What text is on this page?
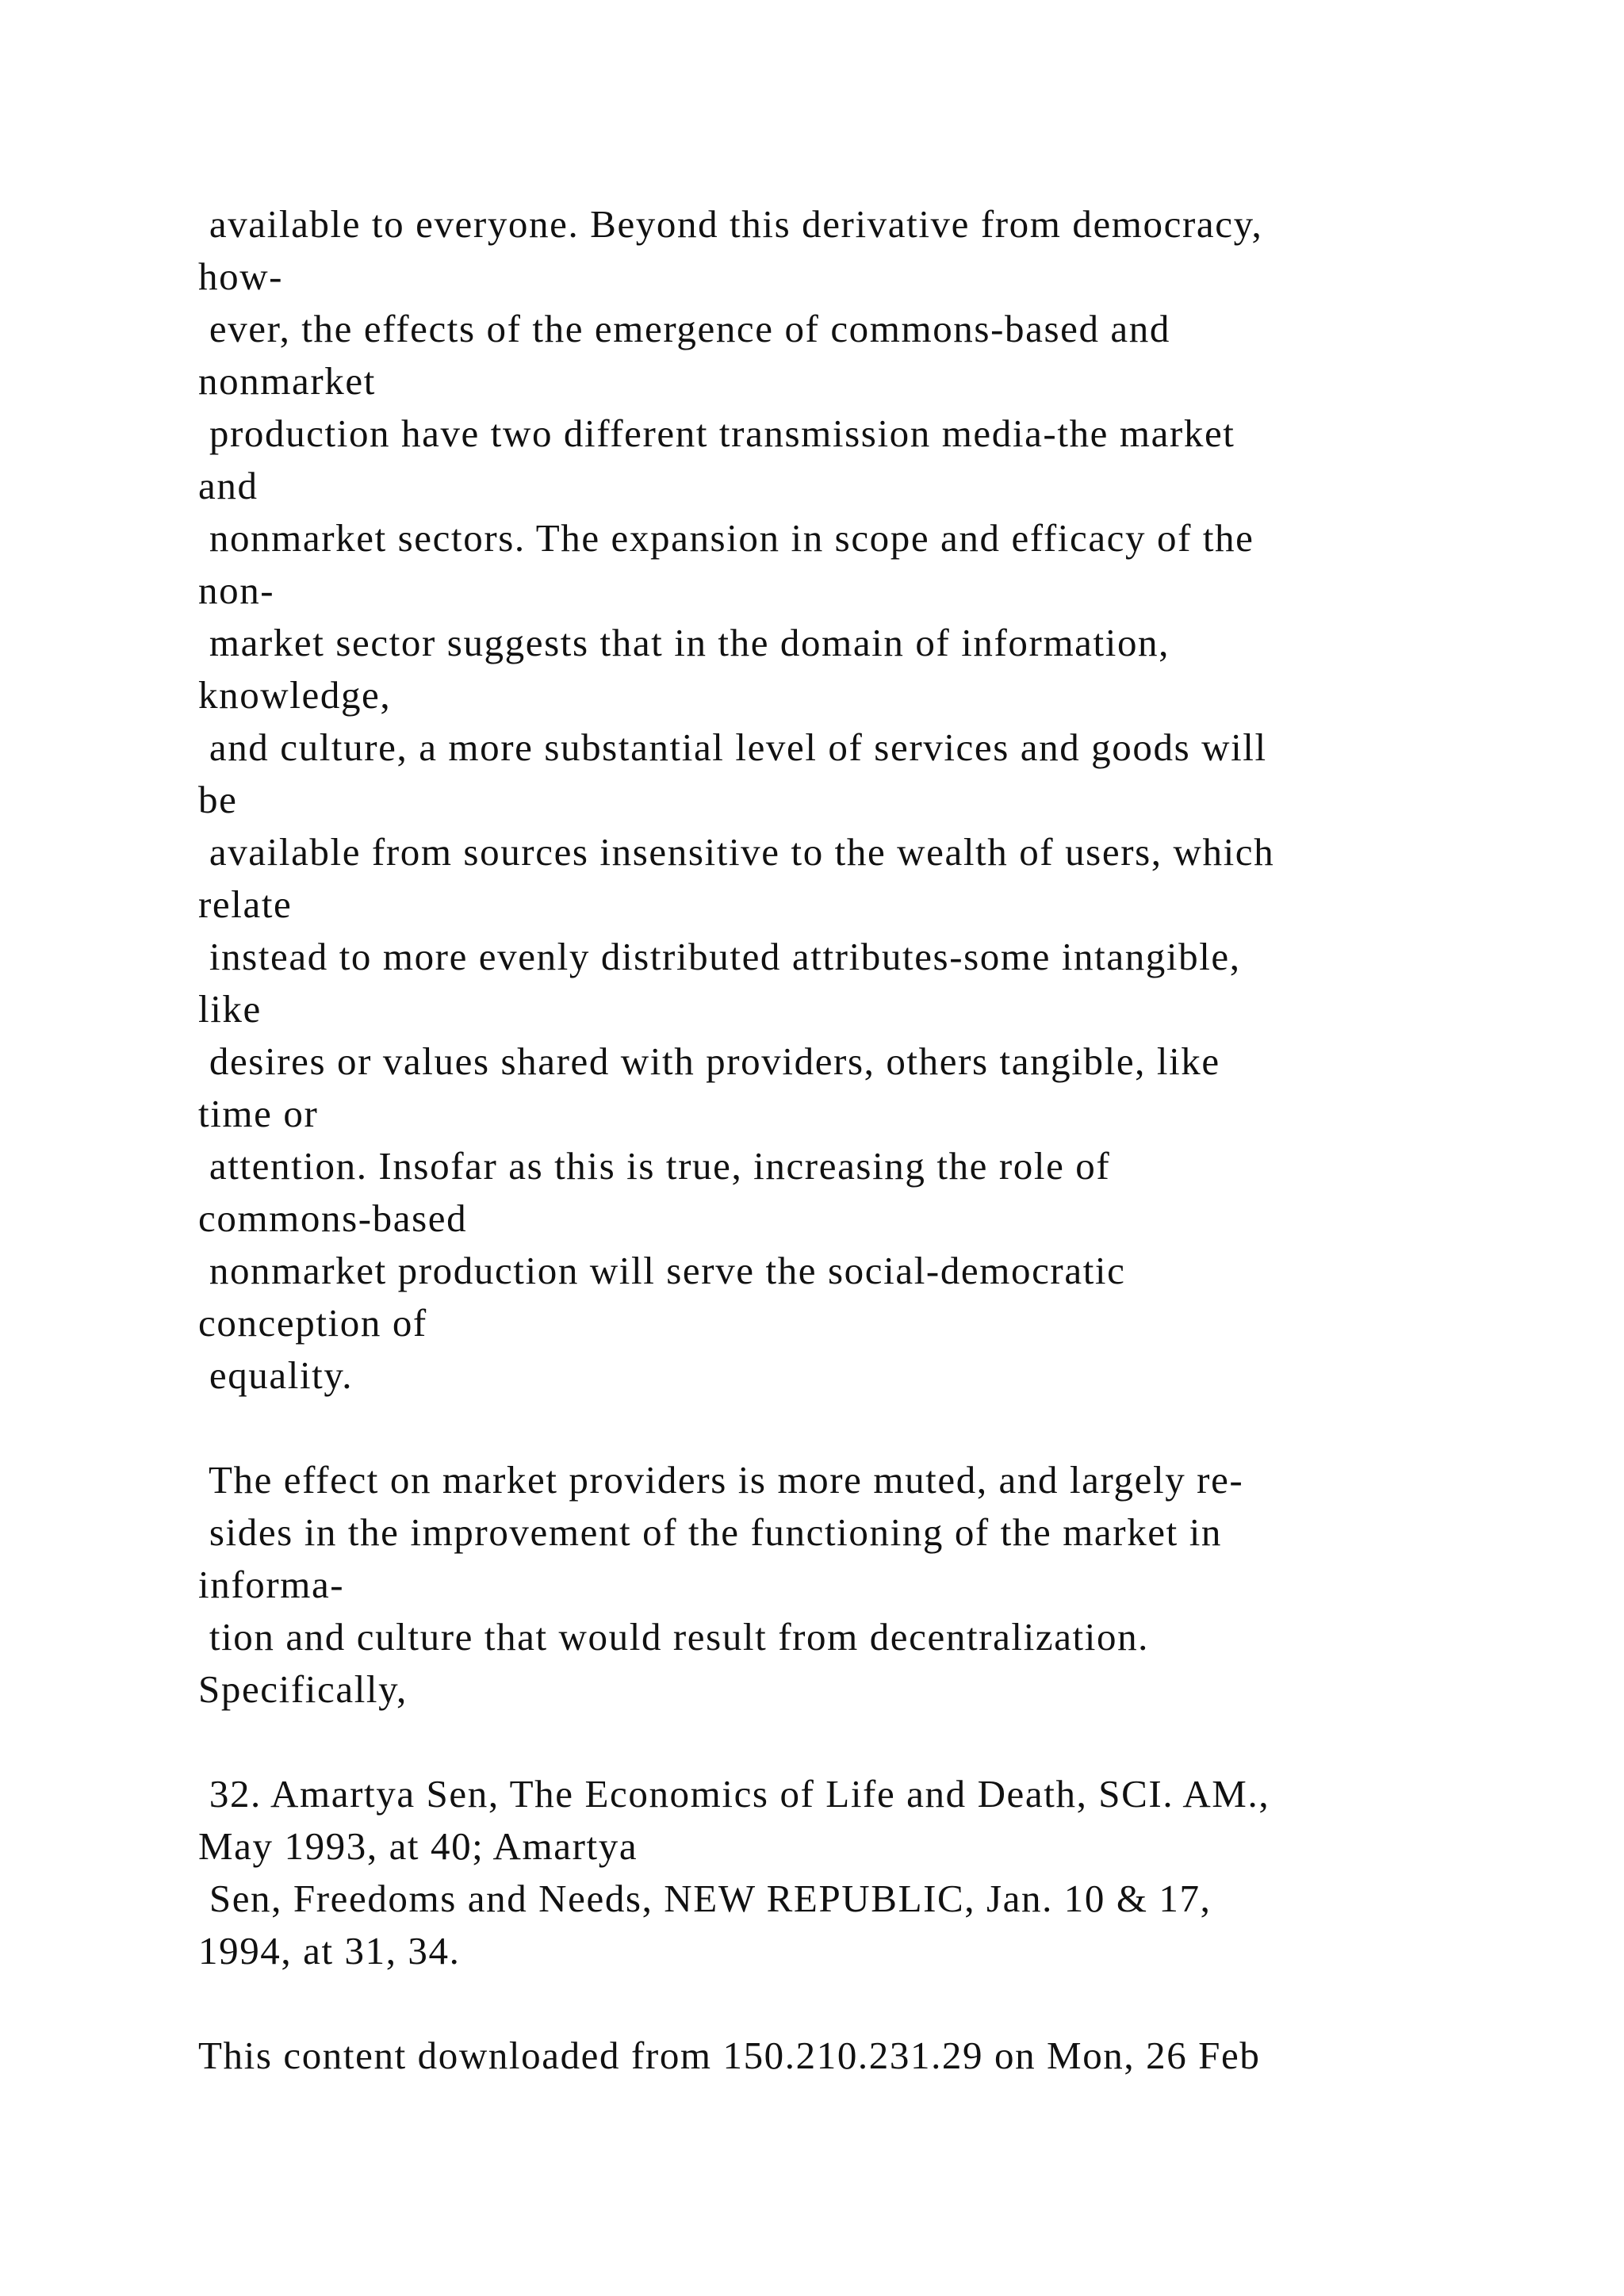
available to everyone. Beyond this derivative from democracy,
how-
ever, the effects of the emergence of commons-based and
nonmarket
production have two different transmission media-the market
and
nonmarket sectors. The expansion in scope and efficacy of the
non-
market sector suggests that in the domain of information,
knowledge,
and culture, a more substantial level of services and goods will
be
available from sources insensitive to the wealth of users, which
relate
instead to more evenly distributed attributes-some intangible,
like
desires or values shared with providers, others tangible, like
time or
attention. Insofar as this is true, increasing the role of
commons-based
nonmarket production will serve the social-democratic
conception of
equality.
The effect on market providers is more muted, and largely re-
sides in the improvement of the functioning of the market in
informa-
tion and culture that would result from decentralization.
Specifically,
32. Amartya Sen, The Economics of Life and Death, SCI. AM.,
May 1993, at 40; Amartya
Sen, Freedoms and Needs, NEW REPUBLIC, Jan. 10 & 17,
1994, at 31, 34.
This content downloaded from 150.210.231.29 on Mon, 26 Feb
